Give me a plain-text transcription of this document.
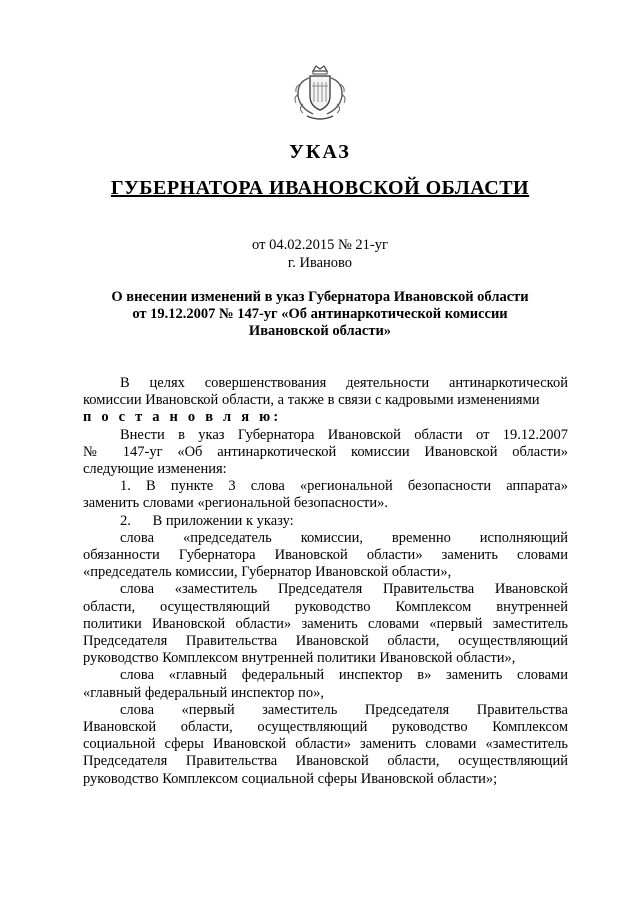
УКАЗ
ГУБЕРНАТОРА ИВАНОВСКОЙ ОБЛАСТИ
от 04.02.2015 № 21-уг
г. Иваново
О внесении изменений в указ Губернатора Ивановской области
от 19.12.2007 № 147-уг «Об антинаркотической комиссии
Ивановской области»

В целях совершенствования деятельности антинаркотической

комиссии Ивановской области, а также в связи с кадровыми изменениями

п о с т а н о в л я ю:

Внести в указ Губернатора Ивановской области от 19.12.2007

№ 147-уг «Об антинаркотической комиссии Ивановской области»

следующие изменения:

1. В пункте 3 слова «региональной безопасности аппарата»

заменить словами «региональной безопасности».

2.      В приложении к указу:

слова «председатель комиссии, временно исполняющий

обязанности Губернатора Ивановской области» заменить словами

«председатель комиссии, Губернатор Ивановской области»,

слова «заместитель Председателя Правительства Ивановской

области, осуществляющий руководство Комплексом внутренней

политики Ивановской области» заменить словами «первый заместитель

Председателя Правительства Ивановской области, осуществляющий

руководство Комплексом внутренней политики Ивановской области»,

слова «главный федеральный инспектор в» заменить словами

«главный федеральный инспектор по»,

слова «первый заместитель Председателя Правительства

Ивановской области, осуществляющий руководство Комплексом

социальной сферы Ивановской области» заменить словами «заместитель

Председателя Правительства Ивановской области, осуществляющий

руководство Комплексом социальной сферы Ивановской области»;
